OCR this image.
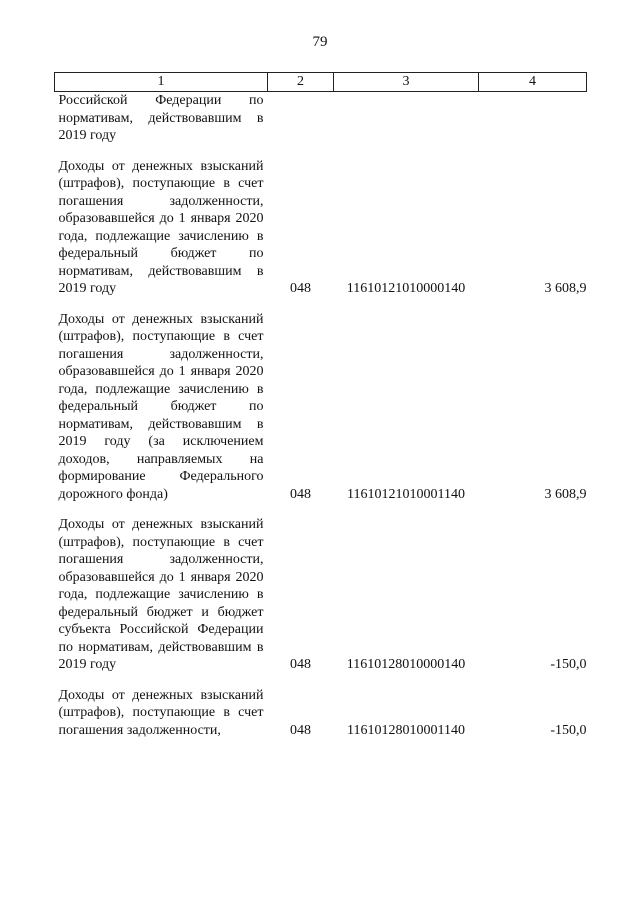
79
1	2	3	4

Российской Федерации по нормативам, действовавшим в 2019 году			

Доходы от денежных взысканий (штрафов), поступающие в счет погашения задолженности, образовавшейся до 1 января 2020 года, подлежащие зачислению в федеральный бюджет по нормативам, действовавшим в 2019 году	048	11610121010000140	3 608,9

Доходы от денежных взысканий (штрафов), поступающие в счет погашения задолженности, образовавшейся до 1 января 2020 года, подлежащие зачислению в федеральный бюджет по нормативам, действовавшим в 2019 году (за исключением доходов, направляемых на формирование Федерального дорожного фонда)	048	11610121010001140	3 608,9

Доходы от денежных взысканий (штрафов), поступающие в счет погашения задолженности, образовавшейся до 1 января 2020 года, подлежащие зачислению в федеральный бюджет и бюджет субъекта Российской Федерации по нормативам, действовавшим в 2019 году	048	11610128010000140	-150,0

Доходы от денежных взысканий (штрафов), поступающие в счет погашения задолженности,	048	11610128010001140	-150,0
